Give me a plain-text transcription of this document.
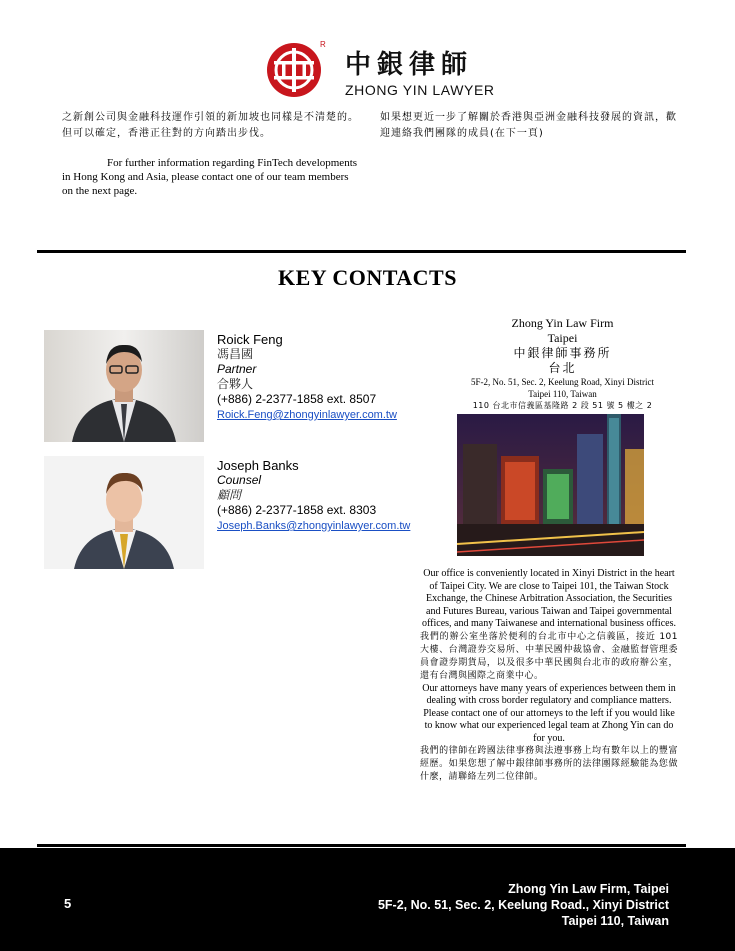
R
中銀律師
ZHONG YIN LAWYER
之新創公司與金融科技運作引領的新加坡也同樣是不清楚的。但可以確定，香港正往對的方向踏出步伐。
For further information regarding FinTech developments in Hong Kong and Asia, please contact one of our team members on the next page.
如果想更近一步了解關於香港與亞洲金融科技發展的資訊，歡迎連絡我們團隊的成員(在下一頁)
KEY CONTACTS
Roick Feng
馮昌國
Partner
合夥人
(+886) 2-2377-1858 ext. 8507
Roick.Feng@zhongyinlawyer.com.tw
Joseph Banks
Counsel
顧問
(+886) 2-2377-1858 ext. 8303
Joseph.Banks@zhongyinlawyer.com.tw
Zhong Yin Law Firm
Taipei
中銀律師事務所
台北
5F-2, No. 51, Sec. 2, Keelung Road, Xinyi District
Taipei 110, Taiwan
110 台北市信義區基隆路 2 段 51 號 5 樓之 2
Our office is conveniently located in Xinyi District in the heart of Taipei City. We are close to Taipei 101, the Taiwan Stock Exchange, the Chinese Arbitration Association, the Securities and Futures Bureau, various Taiwan and Taipei governmental offices, and many Taiwanese and international business offices.
我們的辦公室坐落於便利的台北市中心之信義區，接近 101 大樓、台灣證券交易所、中華民國仲裁協會、金融監督管理委員會證券期貨局，以及很多中華民國與台北市的政府辦公室，還有台灣與國際之商業中心。
Our attorneys have many years of experiences between them in dealing with cross border regulatory and compliance matters. Please contact one of our attorneys to the left if you would like to know what our experienced legal team at Zhong Yin can do for you.
我們的律師在跨國法律事務與法遵事務上均有數年以上的豐富經歷。如果您想了解中銀律師事務所的法律團隊經驗能為您做什麼，請聯絡左列二位律師。
5
Zhong Yin Law Firm, Taipei
5F-2, No. 51, Sec. 2, Keelung Road., Xinyi District
Taipei 110, Taiwan
